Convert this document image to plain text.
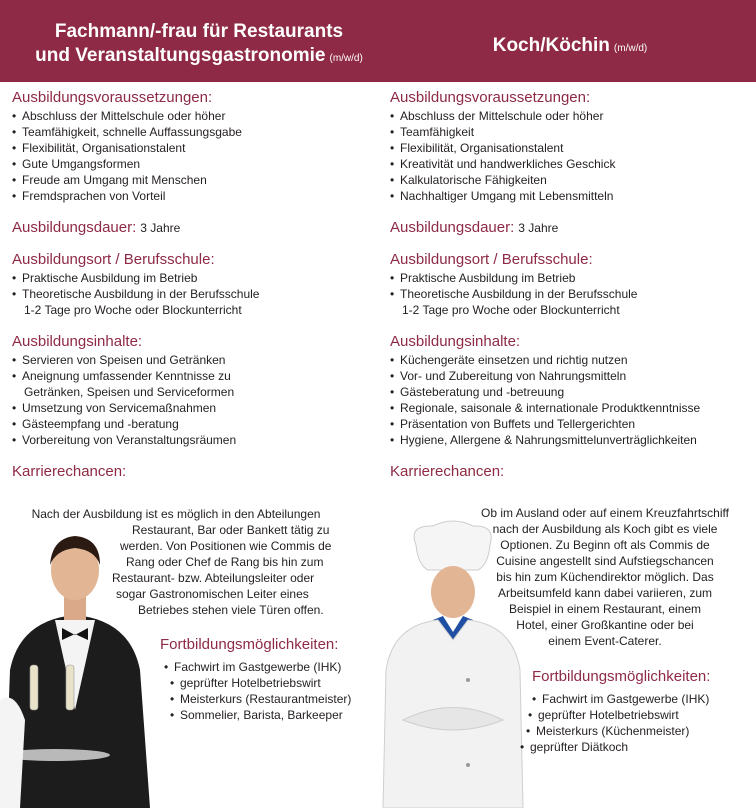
Fachmann/-frau für Restaurants
und Veranstaltungsgastronomie (m/w/d)
Koch/Köchin (m/w/d)
Ausbildungsvoraussetzungen:
• Abschluss der Mittelschule oder höher
• Teamfähigkeit, schnelle Auffassungsgabe
• Flexibilität, Organisationstalent
• Gute Umgangsformen
• Freude am Umgang mit Menschen
• Fremdsprachen von Vorteil
Ausbildungsdauer: 3 Jahre
Ausbildungsort / Berufsschule:
• Praktische Ausbildung im Betrieb
• Theoretische Ausbildung in der Berufsschule
1-2 Tage pro Woche oder Blockunterricht
Ausbildungsinhalte:
• Servieren von Speisen und Getränken
• Aneignung umfassender Kenntnisse zu
Getränken, Speisen und Serviceformen
• Umsetzung von Servicemaßnahmen
• Gästeempfang und -beratung
• Vorbereitung von Veranstaltungsräumen
Karrierechancen:
Ausbildungsvoraussetzungen:
• Abschluss der Mittelschule oder höher
• Teamfähigkeit
• Flexibilität, Organisationstalent
• Kreativität und handwerkliches Geschick
• Kalkulatorische Fähigkeiten
• Nachhaltiger Umgang mit Lebensmitteln
Ausbildungsdauer: 3 Jahre
Ausbildungsort / Berufsschule:
• Praktische Ausbildung im Betrieb
• Theoretische Ausbildung in der Berufsschule
1-2 Tage pro Woche oder Blockunterricht
Ausbildungsinhalte:
• Küchengeräte einsetzen und richtig nutzen
• Vor- und Zubereitung von Nahrungsmitteln
• Gästeberatung und -betreuung
• Regionale, saisonale & internationale Produktkenntnisse
• Präsentation von Buffets und Tellergerichten
• Hygiene, Allergene & Nahrungsmittelunverträglichkeiten
Karrierechancen:
Nach der Ausbildung ist es möglich in den Abteilungen
Restaurant, Bar oder Bankett tätig zu
werden. Von Positionen wie Commis de
Rang oder Chef de Rang bis hin zum
Restaurant- bzw. Abteilungsleiter oder
sogar Gastronomischen Leiter eines
Betriebes stehen viele Türen offen.
Ob im Ausland oder auf einem Kreuzfahrtschiff
nach der Ausbildung als Koch gibt es viele
Optionen. Zu Beginn oft als Commis de
Cuisine angestellt sind Aufstiegschancen
bis hin zum Küchendirektor möglich. Das
Arbeitsumfeld kann dabei variieren, zum
Beispiel in einem Restaurant, einem
Hotel, einer Großkantine oder bei
einem Event-Caterer.
Fortbildungsmöglichkeiten:
• Fachwirt im Gastgewerbe (IHK)
• geprüfter Hotelbetriebswirt
• Meisterkurs (Restaurantmeister)
• Sommelier, Barista, Barkeeper
Fortbildungsmöglichkeiten:
• Fachwirt im Gastgewerbe (IHK)
• geprüfter Hotelbetriebswirt
• Meisterkurs (Küchenmeister)
• geprüfter Diätkoch
